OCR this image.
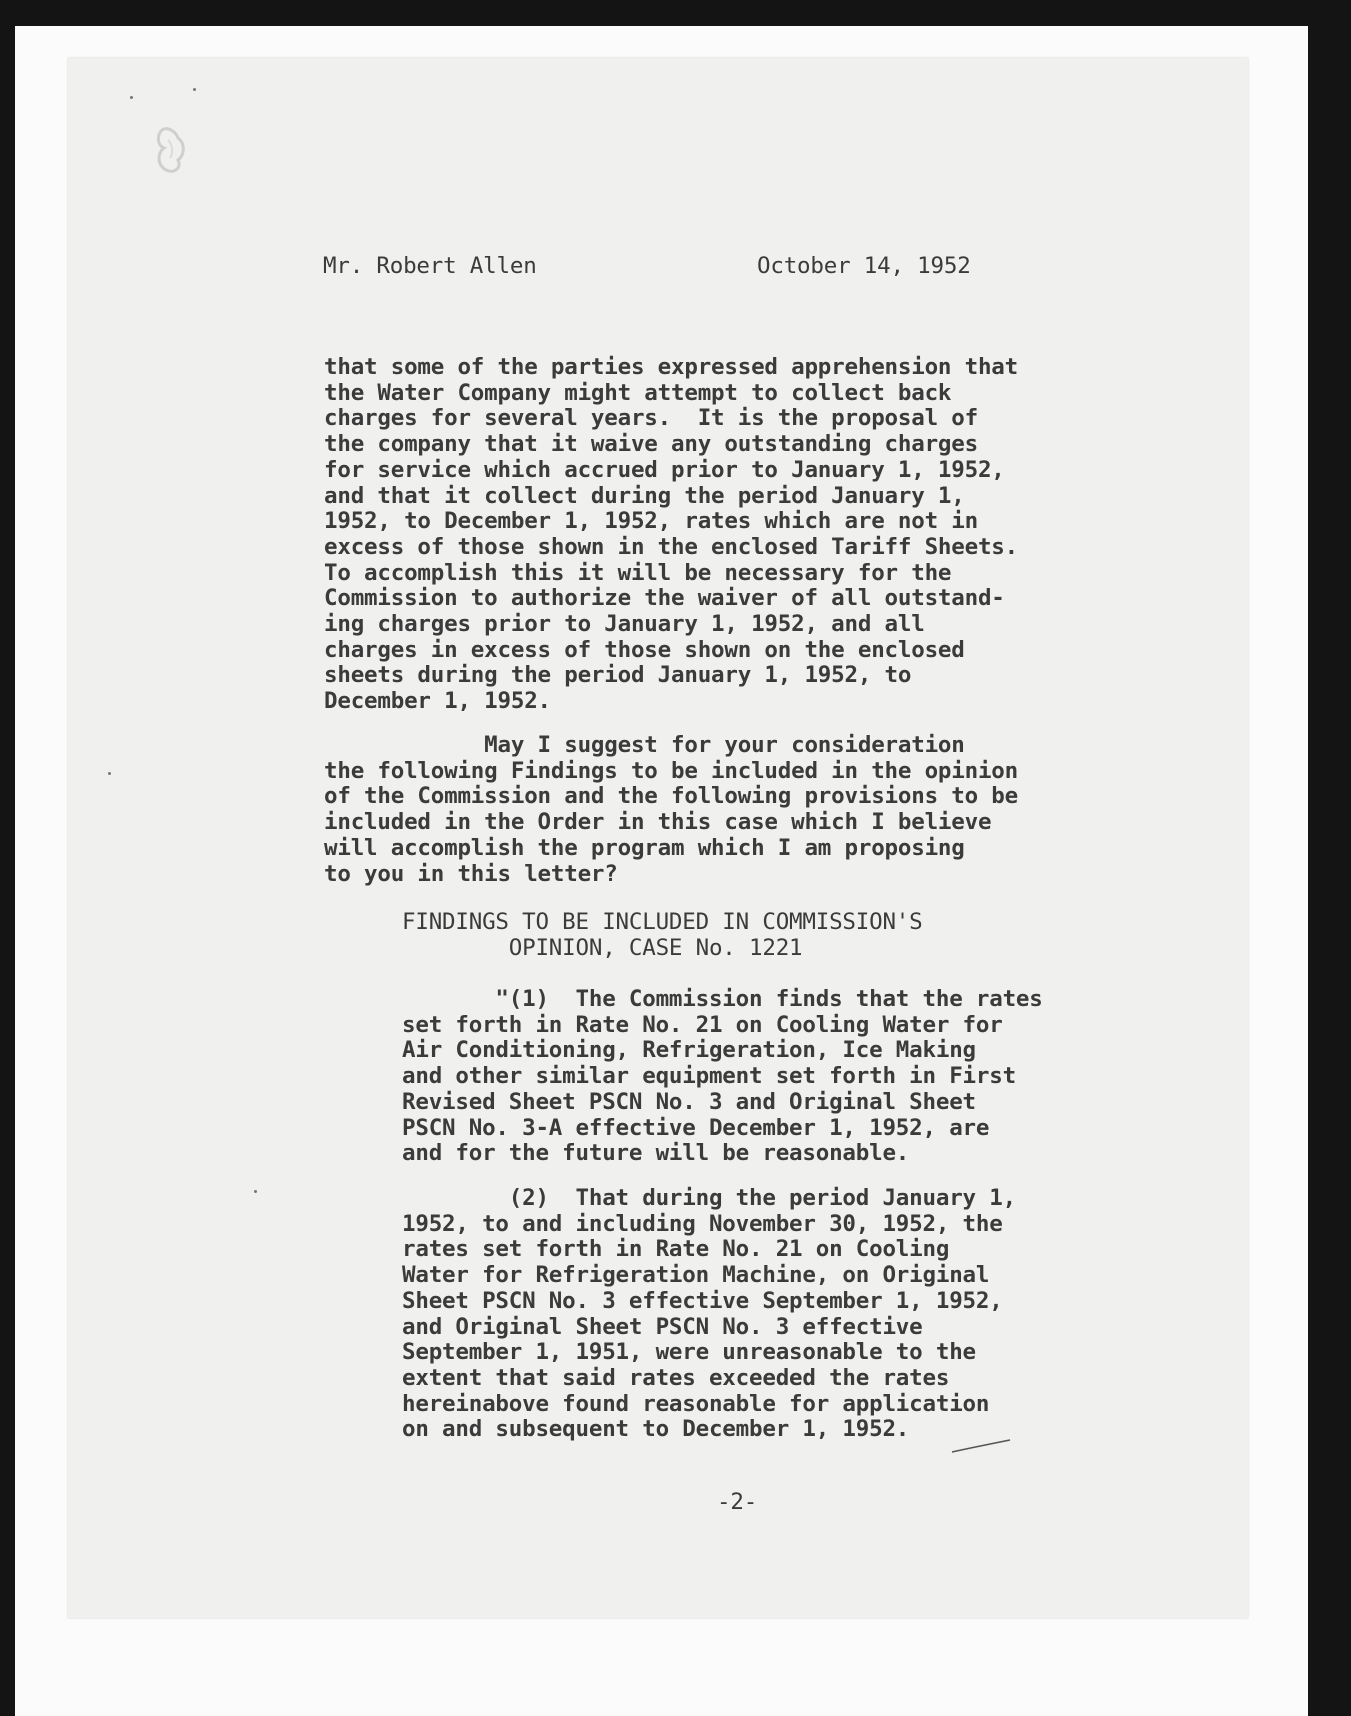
Mr. Robert Allen	October 14, 1952
that some of the parties expressed apprehension that
the Water Company might attempt to collect back
charges for several years.  It is the proposal of
the company that it waive any outstanding charges
for service which accrued prior to January 1, 1952,
and that it collect during the period January 1,
1952, to December 1, 1952, rates which are not in
excess of those shown in the enclosed Tariff Sheets.
To accomplish this it will be necessary for the
Commission to authorize the waiver of all outstand-
ing charges prior to January 1, 1952, and all
charges in excess of those shown on the enclosed
sheets during the period January 1, 1952, to
December 1, 1952.
May I suggest for your consideration
the following Findings to be included in the opinion
of the Commission and the following provisions to be
included in the Order in this case which I believe
will accomplish the program which I am proposing
to you in this letter?
FINDINGS TO BE INCLUDED IN COMMISSION'S
OPINION, CASE No. 1221
"(1)  The Commission finds that the rates
set forth in Rate No. 21 on Cooling Water for
Air Conditioning, Refrigeration, Ice Making
and other similar equipment set forth in First
Revised Sheet PSCN No. 3 and Original Sheet
PSCN No. 3-A effective December 1, 1952, are
and for the future will be reasonable.
(2)  That during the period January 1,
1952, to and including November 30, 1952, the
rates set forth in Rate No. 21 on Cooling
Water for Refrigeration Machine, on Original
Sheet PSCN No. 3 effective September 1, 1952,
and Original Sheet PSCN No. 3 effective
September 1, 1951, were unreasonable to the
extent that said rates exceeded the rates
hereinabove found reasonable for application
on and subsequent to December 1, 1952.
-2-
